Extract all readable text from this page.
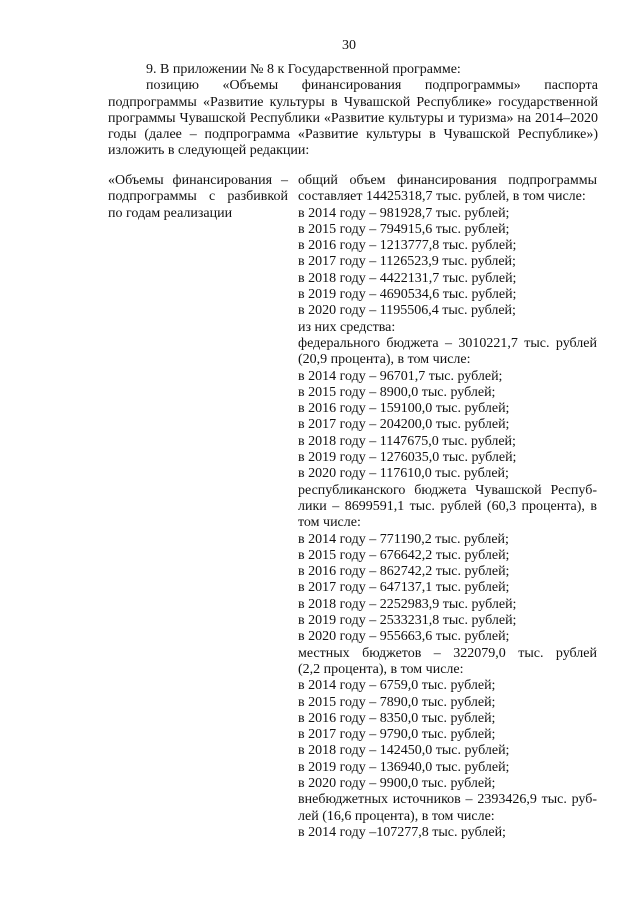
30

9. В приложении № 8 к Государственной программе:

позицию «Объемы финансирования подпрограммы» паспорта подпрограммы «Развитие культуры в Чувашской Республике» государственной программы Чувашской Республики «Развитие культуры и туризма» на 2014–2020 годы (далее – подпрограмма «Развитие культуры в Чувашской Республике») изложить в следующей редакции:

«Объемы финансирования – подпрограммы с разбивкой по годам реализации
общий объем финансирования подпрограммы
составляет 14425318,7 тыс. рублей, в том числе:
в 2014 году – 981928,7 тыс. рублей;
в 2015 году – 794915,6 тыс. рублей;
в 2016 году – 1213777,8 тыс. рублей;
в 2017 году – 1126523,9 тыс. рублей;
в 2018 году – 4422131,7 тыс. рублей;
в 2019 году – 4690534,6 тыс. рублей;
в 2020 году – 1195506,4 тыс. рублей;
из них средства:
федерального бюджета – 3010221,7 тыс. рублей
(20,9 процента), в том числе:
в 2014 году – 96701,7 тыс. рублей;
в 2015 году – 8900,0 тыс. рублей;
в 2016 году – 159100,0 тыс. рублей;
в 2017 году – 204200,0 тыс. рублей;
в 2018 году – 1147675,0 тыс. рублей;
в 2019 году – 1276035,0 тыс. рублей;
в 2020 году – 117610,0 тыс. рублей;
республиканского бюджета Чувашской Респуб-
лики – 8699591,1 тыс. рублей (60,3 процента), в
том числе:
в 2014 году – 771190,2 тыс. рублей;
в 2015 году – 676642,2 тыс. рублей;
в 2016 году – 862742,2 тыс. рублей;
в 2017 году – 647137,1 тыс. рублей;
в 2018 году – 2252983,9 тыс. рублей;
в 2019 году – 2533231,8 тыс. рублей;
в 2020 году – 955663,6 тыс. рублей;
местных бюджетов – 322079,0 тыс. рублей
(2,2 процента), в том числе:
в 2014 году – 6759,0 тыс. рублей;
в 2015 году – 7890,0 тыс. рублей;
в 2016 году – 8350,0 тыс. рублей;
в 2017 году – 9790,0 тыс. рублей;
в 2018 году – 142450,0 тыс. рублей;
в 2019 году – 136940,0 тыс. рублей;
в 2020 году – 9900,0 тыс. рублей;
внебюджетных источников – 2393426,9 тыс. руб-
лей (16,6 процента), в том числе:
в 2014 году –107277,8 тыс. рублей;
